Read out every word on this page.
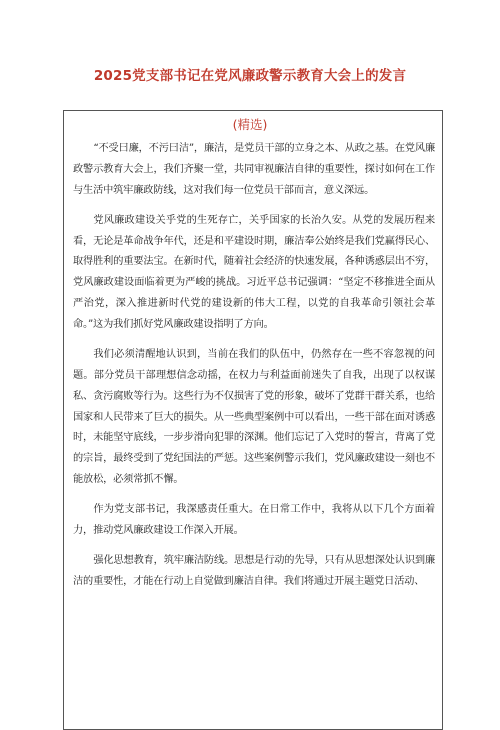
2025党支部书记在党风廉政警示教育大会上的发言
(精选)

“不受曰廉，不污曰洁”，廉洁，是党员干部的立身之本、从政之基。在党风廉政警示教育大会上，我们齐聚一堂，共同审视廉洁自律的重要性，探讨如何在工作与生活中筑牢廉政防线，这对我们每一位党员干部而言，意义深远。

党风廉政建设关乎党的生死存亡，关乎国家的长治久安。从党的发展历程来看，无论是革命战争年代，还是和平建设时期，廉洁奉公始终是我们党赢得民心、取得胜利的重要法宝。在新时代，随着社会经济的快速发展，各种诱惑层出不穷，党风廉政建设面临着更为严峻的挑战。习近平总书记强调：“坚定不移推进全面从严治党，深入推进新时代党的建设新的伟大工程，以党的自我革命引领社会革命。”这为我们抓好党风廉政建设指明了方向。

我们必须清醒地认识到，当前在我们的队伍中，仍然存在一些不容忽视的问题。部分党员干部理想信念动摇，在权力与利益面前迷失了自我，出现了以权谋私、贪污腐败等行为。这些行为不仅损害了党的形象，破坏了党群干群关系，也给国家和人民带来了巨大的损失。从一些典型案例中可以看出，一些干部在面对诱惑时，未能坚守底线，一步步滑向犯罪的深渊。他们忘记了入党时的誓言，背离了党的宗旨，最终受到了党纪国法的严惩。这些案例警示我们，党风廉政建设一刻也不能放松，必须常抓不懈。

作为党支部书记，我深感责任重大。在日常工作中，我将从以下几个方面着力，推动党风廉政建设工作深入开展。

强化思想教育，筑牢廉洁防线。思想是行动的先导，只有从思想深处认识到廉洁的重要性，才能在行动上自觉做到廉洁自律。我们将通过开展主题党日活动、
